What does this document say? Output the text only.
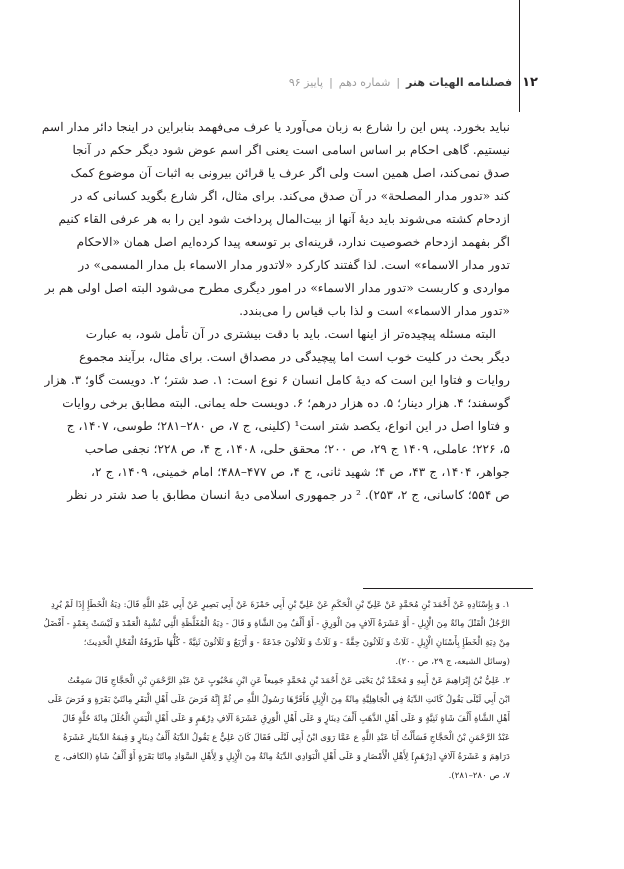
۱۲
فصلنامه الهیات هنر
|
شماره دهم
|
پاییز ۹۶
نباید بخورد. پس این را شارع به زبان می‌آورد یا عرف می‌فهمد بنابراین در اینجا دائر مدار اسم
نیستیم. گاهی احکام بر اساس اسامی است یعنی اگر اسم عوض شود دیگر حکم در آنجا
صدق نمی‌کند، اصل همین است ولی اگر عرف یا قرائن بیرونی به اثبات آن موضوع کمک
کند «تدور مدار المصلحة» در آن صدق می‌کند. برای مثال، اگر شارع بگوید کسانی که در
ازدحام کشته می‌شوند باید دیهٔ آنها از بیت‌المال پرداخت شود این را به هر عرفی القاء کنیم
اگر بفهمد ازدحام خصوصیت ندارد، قرینه‌ای بر توسعه پیدا کرده‌ایم اصل همان «الاحکام
تدور مدار الاسماء» است. لذا گفتند کارکرد «لاتدور مدار الاسماء بل مدار المسمی» در
مواردی و کاربست «تدور مدار الاسماء» در امور دیگری مطرح می‌شود البته اصل اولی هم بر
«تدور مدار الاسماء» است و لذا باب قیاس را می‌بندد.
البته مسئله پیچیده‌تر از اینها است. باید با دقت بیشتری در آن تأمل شود، به عبارت
دیگر بحث در کلیت خوب است اما پیچیدگی در مصداق است. برای مثال، برآیند مجموع
روایات و فتاوا این است که دیهٔ کامل انسان ۶ نوع است: ۱. صد شتر؛ ۲. دویست گاو؛ ۳. هزار
گوسفند؛ ۴. هزار دینار؛ ۵. ده هزار درهم؛ ۶. دویست حله یمانی. البته مطابق برخی روایات
و فتاوا اصل در این انواع، یکصد شتر است¹ (کلینی، ج ۷، ص ۲۸۰–۲۸۱؛ طوسی، ۱۴۰۷، ج
۵، ۲۲۶؛ عاملی، ۱۴۰۹ ج ۲۹، ص ۲۰۰؛ محقق حلی، ۱۴۰۸، ج ۴، ص ۲۲۸؛ نجفی صاحب
جواهر، ۱۴۰۴، ج ۴۳، ص ۴؛ شهید ثانی، ج ۴، ص ۴۷۷–۴۸۸؛ امام خمینی، ۱۴۰۹، ج ۲،
ص ۵۵۴؛ کاسانی، ج ۲، ۲۵۳). ² در جمهوری اسلامی دیهٔ انسان مطابق با صد شتر در نظر
۱. وَ بِإِسْنَادِهِ عَنْ أَحْمَدَ بْنِ مُحَمَّدٍ عَنْ عَلِيِّ بْنِ الْحَكَمِ عَنْ عَلِيِّ بْنِ أَبِي حَمْزَةَ عَنْ أَبِي بَصِيرٍ عَنْ أَبِي عَبْدِ اللَّهِ قَالَ: دِيَةُ الْخَطَإِ إِذَا لَمْ يُرِدِ
الرَّجُلُ الْقَتْلَ مِائَةٌ مِنَ الْإِبِلِ - أَوْ عَشَرَةُ آلَافٍ مِنَ الْوَرِقِ - أَوْ أَلْفٌ مِنَ الشَّاةِ وَ قَالَ - دِيَةُ الْمُغَلَّظَةِ الَّتِي تُشْبِهُ الْعَمْدَ وَ لَيْسَتْ بِعَمْدٍ - أَفْضَلُ
مِنْ دِيَةِ الْخَطَإِ بِأَسْنَانِ الْإِبِلِ - ثَلَاثٌ وَ ثَلَاثُونَ حِقَّةً - وَ ثَلَاثٌ وَ ثَلَاثُونَ جَذَعَةً - وَ أَرْبَعٌ وَ ثَلَاثُونَ ثَنِيَّةً - كُلُّهَا طَرُوقَةُ الْفَحْلِ الْحَدِيثَ؛
(وسائل الشیعه، ج ۲۹، ص ۲۰۰).
۲. عَلِيُّ بْنُ إِبْرَاهِيمَ عَنْ أَبِيهِ وَ مُحَمَّدُ بْنُ يَحْيَى عَنْ أَحْمَدَ بْنِ مُحَمَّدٍ جَمِيعاً عَنِ ابْنِ مَحْبُوبٍ عَنْ عَبْدِ الرَّحْمَنِ بْنِ الْحَجَّاجِ قَالَ سَمِعْتُ
ابْنَ أَبِي لَيْلَى يَقُولُ كَانَتِ الدِّيَةُ فِي الْجَاهِلِيَّةِ مِائَةً مِنَ الْإِبِلِ فَأَقَرَّهَا رَسُولُ اللَّهِ ص ثُمَّ إِنَّهُ فَرَضَ عَلَى أَهْلِ الْبَقَرِ مِائَتَيْ بَقَرَةٍ وَ فَرَضَ عَلَى
أَهْلِ الشَّاةِ أَلْفَ شَاةٍ ثَنِيَّةٍ وَ عَلَى أَهْلِ الذَّهَبِ أَلْفَ دِينَارٍ وَ عَلَى أَهْلِ الْوَرِقِ عَشَرَةَ آلَافِ دِرْهَمٍ وَ عَلَى أَهْلِ الْيَمَنِ الْحُلَلَ مِائَةَ حُلَّةٍ قَالَ
عَبْدُ الرَّحْمَنِ بْنُ الْحَجَّاجِ فَسَأَلْتُ أَبَا عَبْدِ اللَّهِ ع عَمَّا رَوَى ابْنُ أَبِي لَيْلَى فَقَالَ كَانَ عَلِيٌّ ع يَقُولُ الدِّيَةُ أَلْفُ دِينَارٍ وَ قِيمَةُ الدِّينَارِ عَشَرَةُ
دَرَاهِمَ وَ عَشَرَةُ آلَافٍ [دِرْهَمٍ] لِأَهْلِ الْأَمْصَارِ وَ عَلَى أَهْلِ الْبَوَادِي الدِّيَةُ مِائَةٌ مِنَ الْإِبِلِ وَ لِأَهْلِ السَّوَادِ مِائَتَا بَقَرَةٍ أَوْ أَلْفُ شَاةٍ (الکافی، ج
۷، ص ۲۸۰–۲۸۱).
